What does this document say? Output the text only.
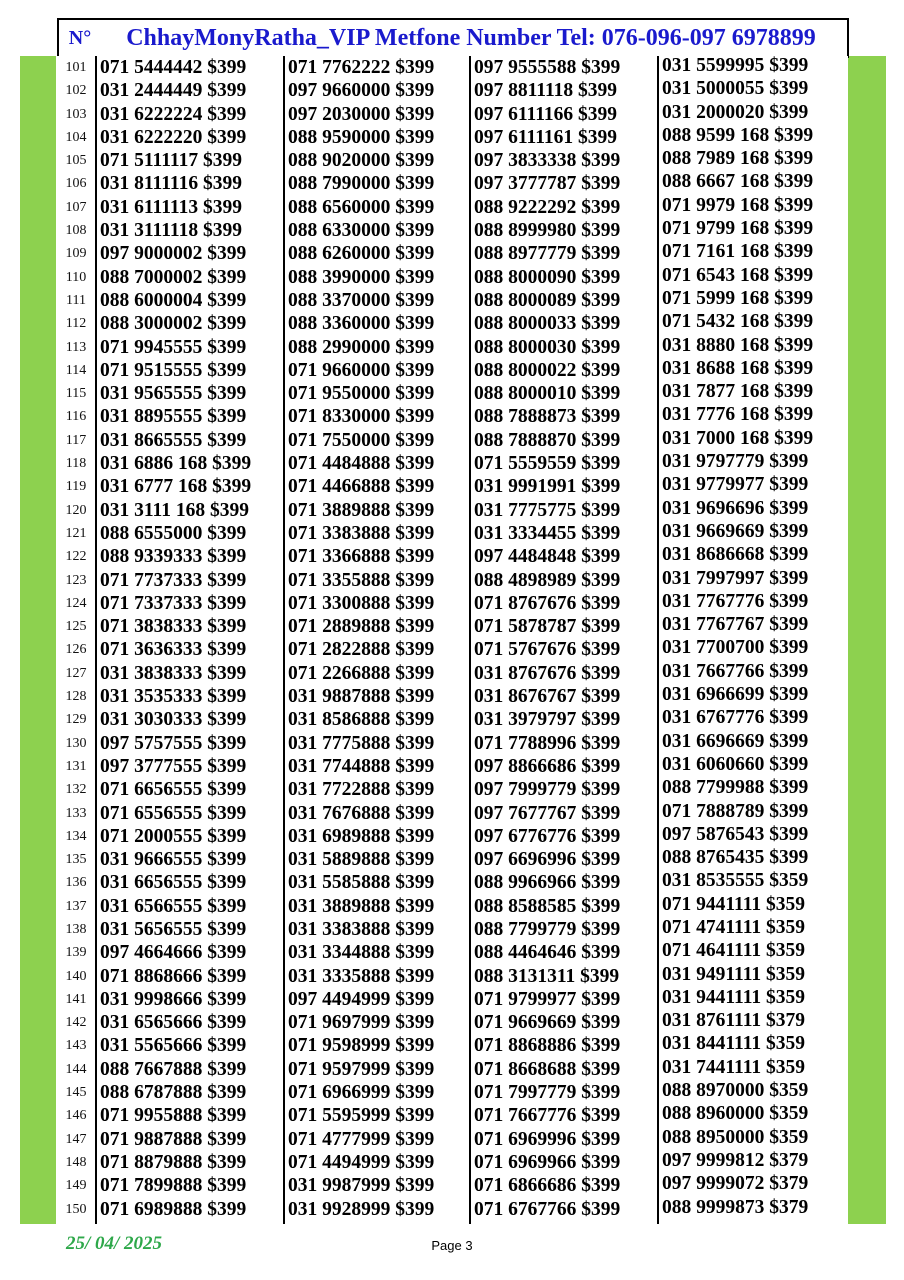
N°	ChhayMonyRatha_VIP Metfone Number Tel: 076-096-097 6978899
101
102
103
104
105
106
107
108
109
110
111
112
113
114
115
116
117
118
119
120
121
122
123
124
125
126
127
128
129
130
131
132
133
134
135
136
137
138
139
140
141
142
143
144
145
146
147
148
149
150
071 5444442 $399
031 2444449 $399
031 6222224 $399
031 6222220 $399
071 5111117 $399
031 8111116 $399
031 6111113 $399
031 3111118 $399
097 9000002 $399
088 7000002 $399
088 6000004 $399
088 3000002 $399
071 9945555 $399
071 9515555 $399
031 9565555 $399
031 8895555 $399
031 8665555 $399
031 6886 168 $399
031 6777 168 $399
031 3111 168 $399
088 6555000 $399
088 9339333 $399
071 7737333 $399
071 7337333 $399
071 3838333 $399
071 3636333 $399
031 3838333 $399
031 3535333 $399
031 3030333 $399
097 5757555 $399
097 3777555 $399
071 6656555 $399
071 6556555 $399
071 2000555 $399
031 9666555 $399
031 6656555 $399
031 6566555 $399
031 5656555 $399
097 4664666 $399
071 8868666 $399
031 9998666 $399
031 6565666 $399
031 5565666 $399
088 7667888 $399
088 6787888 $399
071 9955888 $399
071 9887888 $399
071 8879888 $399
071 7899888 $399
071 6989888 $399
071 7762222 $399
097 9660000 $399
097 2030000 $399
088 9590000 $399
088 9020000 $399
088 7990000 $399
088 6560000 $399
088 6330000 $399
088 6260000 $399
088 3990000 $399
088 3370000 $399
088 3360000 $399
088 2990000 $399
071 9660000 $399
071 9550000 $399
071 8330000 $399
071 7550000 $399
071 4484888 $399
071 4466888 $399
071 3889888 $399
071 3383888 $399
071 3366888 $399
071 3355888 $399
071 3300888 $399
071 2889888 $399
071 2822888 $399
071 2266888 $399
031 9887888 $399
031 8586888 $399
031 7775888 $399
031 7744888 $399
031 7722888 $399
031 7676888 $399
031 6989888 $399
031 5889888 $399
031 5585888 $399
031 3889888 $399
031 3383888 $399
031 3344888 $399
031 3335888 $399
097 4494999 $399
071 9697999 $399
071 9598999 $399
071 9597999 $399
071 6966999 $399
071 5595999 $399
071 4777999 $399
071 4494999 $399
031 9987999 $399
031 9928999 $399
097 9555588 $399
097 8811118 $399
097 6111166 $399
097 6111161 $399
097 3833338 $399
097 3777787 $399
088 9222292 $399
088 8999980 $399
088 8977779 $399
088 8000090 $399
088 8000089 $399
088 8000033 $399
088 8000030 $399
088 8000022 $399
088 8000010 $399
088 7888873 $399
088 7888870 $399
071 5559559 $399
031 9991991 $399
031 7775775 $399
031 3334455 $399
097 4484848 $399
088 4898989 $399
071 8767676 $399
071 5878787 $399
071 5767676 $399
031 8767676 $399
031 8676767 $399
031 3979797 $399
071 7788996 $399
097 8866686 $399
097 7999779 $399
097 7677767 $399
097 6776776 $399
097 6696996 $399
088 9966966 $399
088 8588585 $399
088 7799779 $399
088 4464646 $399
088 3131311 $399
071 9799977 $399
071 9669669 $399
071 8868886 $399
071 8668688 $399
071 7997779 $399
071 7667776 $399
071 6969996 $399
071 6969966 $399
071 6866686 $399
071 6767766 $399
031 5599995 $399
031 5000055 $399
031 2000020 $399
088 9599 168 $399
088 7989 168 $399
088 6667 168 $399
071 9979 168 $399
071 9799 168 $399
071 7161 168 $399
071 6543 168 $399
071 5999 168 $399
071 5432 168 $399
031 8880 168 $399
031 8688 168 $399
031 7877 168 $399
031 7776 168 $399
031 7000 168 $399
031 9797779 $399
031 9779977 $399
031 9696696 $399
031 9669669 $399
031 8686668 $399
031 7997997 $399
031 7767776 $399
031 7767767 $399
031 7700700 $399
031 7667766 $399
031 6966699 $399
031 6767776 $399
031 6696669 $399
031 6060660 $399
088 7799988 $399
071 7888789 $399
097 5876543 $399
088 8765435 $399
031 8535555 $359
071 9441111 $359
071 4741111 $359
071 4641111 $359
031 9491111 $359
031 9441111 $359
031 8761111 $379
031 8441111 $359
031 7441111 $359
088 8970000 $359
088 8960000 $359
088 8950000 $359
097 9999812 $379
097 9999072 $379
088 9999873 $379
25/ 04/ 2025	Page 3
